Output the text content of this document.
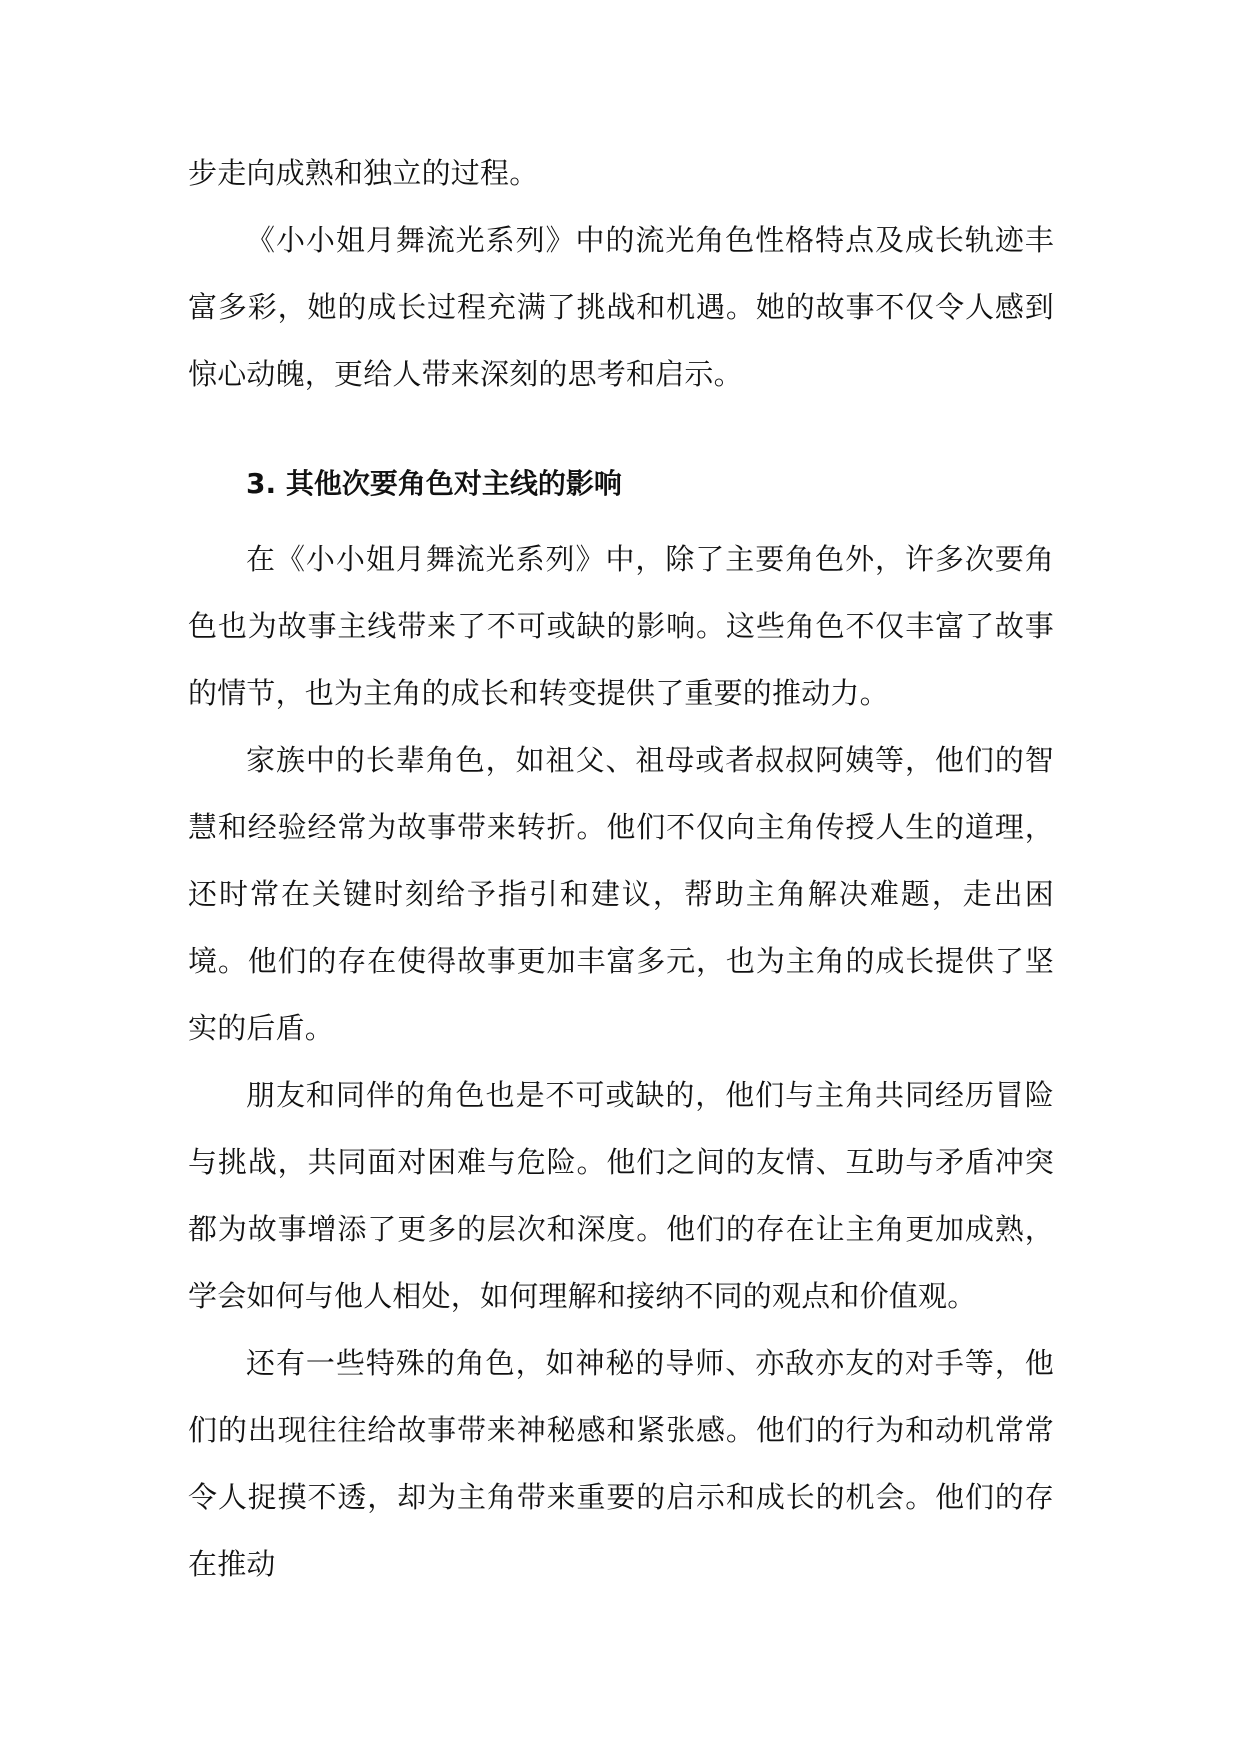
步走向成熟和独立的过程。

《小小姐月舞流光系列》中的流光角色性格特点及成长轨迹丰富多彩，她的成长过程充满了挑战和机遇。她的故事不仅令人感到惊心动魄，更给人带来深刻的思考和启示。

3. 其他次要角色对主线的影响

在《小小姐月舞流光系列》中，除了主要角色外，许多次要角色也为故事主线带来了不可或缺的影响。这些角色不仅丰富了故事的情节，也为主角的成长和转变提供了重要的推动力。

家族中的长辈角色，如祖父、祖母或者叔叔阿姨等，他们的智慧和经验经常为故事带来转折。他们不仅向主角传授人生的道理，还时常在关键时刻给予指引和建议，帮助主角解决难题，走出困境。他们的存在使得故事更加丰富多元，也为主角的成长提供了坚实的后盾。

朋友和同伴的角色也是不可或缺的，他们与主角共同经历冒险与挑战，共同面对困难与危险。他们之间的友情、互助与矛盾冲突都为故事增添了更多的层次和深度。他们的存在让主角更加成熟，学会如何与他人相处，如何理解和接纳不同的观点和价值观。

还有一些特殊的角色，如神秘的导师、亦敌亦友的对手等，他们的出现往往给故事带来神秘感和紧张感。他们的行为和动机常常令人捉摸不透，却为主角带来重要的启示和成长的机会。他们的存在推动
